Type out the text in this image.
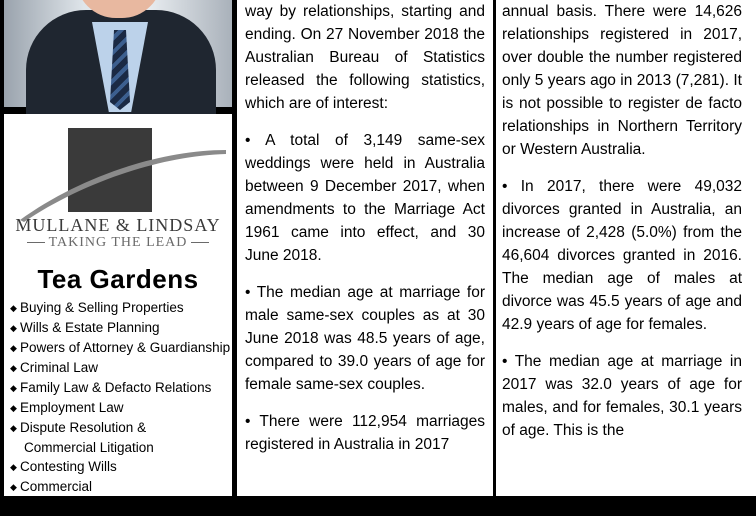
MULLANE & LINDSAY
TAKING THE LEAD
Tea Gardens
◆ Buying & Selling Properties
◆ Wills & Estate Planning
◆ Powers of Attorney & Guardianship
◆ Criminal Law
◆ Family Law & Defacto Relations
◆ Employment Law
◆ Dispute Resolution &
Commercial Litigation
◆ Contesting Wills
◆ Commercial
Buying/Selling a Business

way by relationships, starting and ending. On 27 November 2018 the Australian Bureau of Statistics released the following statistics, which are of interest:

• A total of 3,149 same-sex weddings were held in Australia between 9 December 2017, when amendments to the Marriage Act 1961 came into effect, and 30 June 2018.

• The median age at marriage for male same-sex couples as at 30 June 2018 was 48.5 years of age, compared to 39.0 years of age for female same-sex couples.

• There were 112,954 marriages registered in Australia in 2017

annual basis. There were 14,626 relationships registered in 2017, over double the number registered only 5 years ago in 2013 (7,281). It is not possible to register de facto relationships in Northern Territory or Western Australia.

• In 2017, there were 49,032 divorces granted in Australia, an increase of 2,428 (5.0%) from the 46,604 divorces granted in 2016. The median age of males at divorce was 45.5 years of age and 42.9 years of age for females.

• The median age at marriage in 2017 was 32.0 years of age for males, and for females, 30.1 years of age. This is the
